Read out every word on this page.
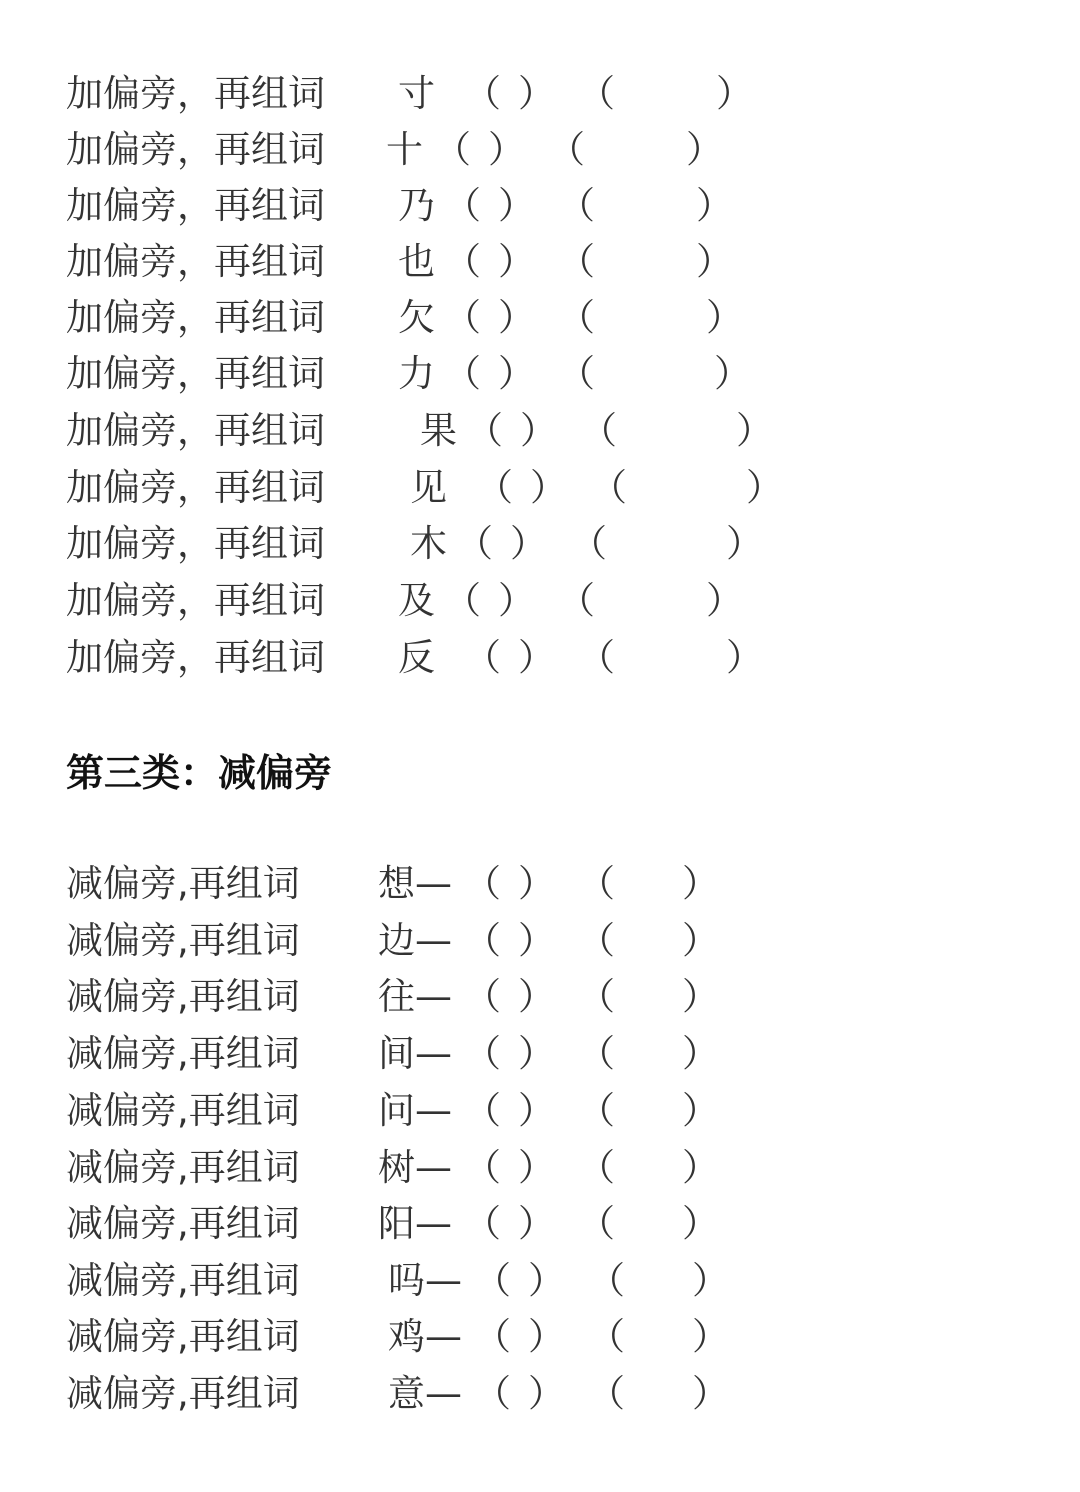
加偏旁，再组词 寸 （ ） （	）
加偏旁，再组词 十 （ ） （	）
加偏旁，再组词 乃 （ ） （	）
加偏旁，再组词 也 （ ） （	）
加偏旁，再组词 欠 （ ） （	）
加偏旁，再组词 力 （ ） （	）
加偏旁，再组词	果 （ ） （	）
加偏旁，再组词 见 （ ） （	）
加偏旁，再组词 木 （ ） （	）
加偏旁，再组词 及 （ ） （	）
加偏旁，再组词 反 （ ） （	）
第三类：减偏旁
减偏旁,再组词 想— （ ） （ ）
减偏旁,再组词 边— （ ） （ ）
减偏旁,再组词 往— （ ） （ ）
减偏旁,再组词 间— （ ） （ ）
减偏旁,再组词 问— （ ） （ ）
减偏旁,再组词 树— （ ） （ ）
减偏旁,再组词 阳— （ ） （ ）
减偏旁,再组词 吗— （ ） （ ）
减偏旁,再组词 鸡— （ ） （ ）
减偏旁,再组词 意— （ ） （ ）
